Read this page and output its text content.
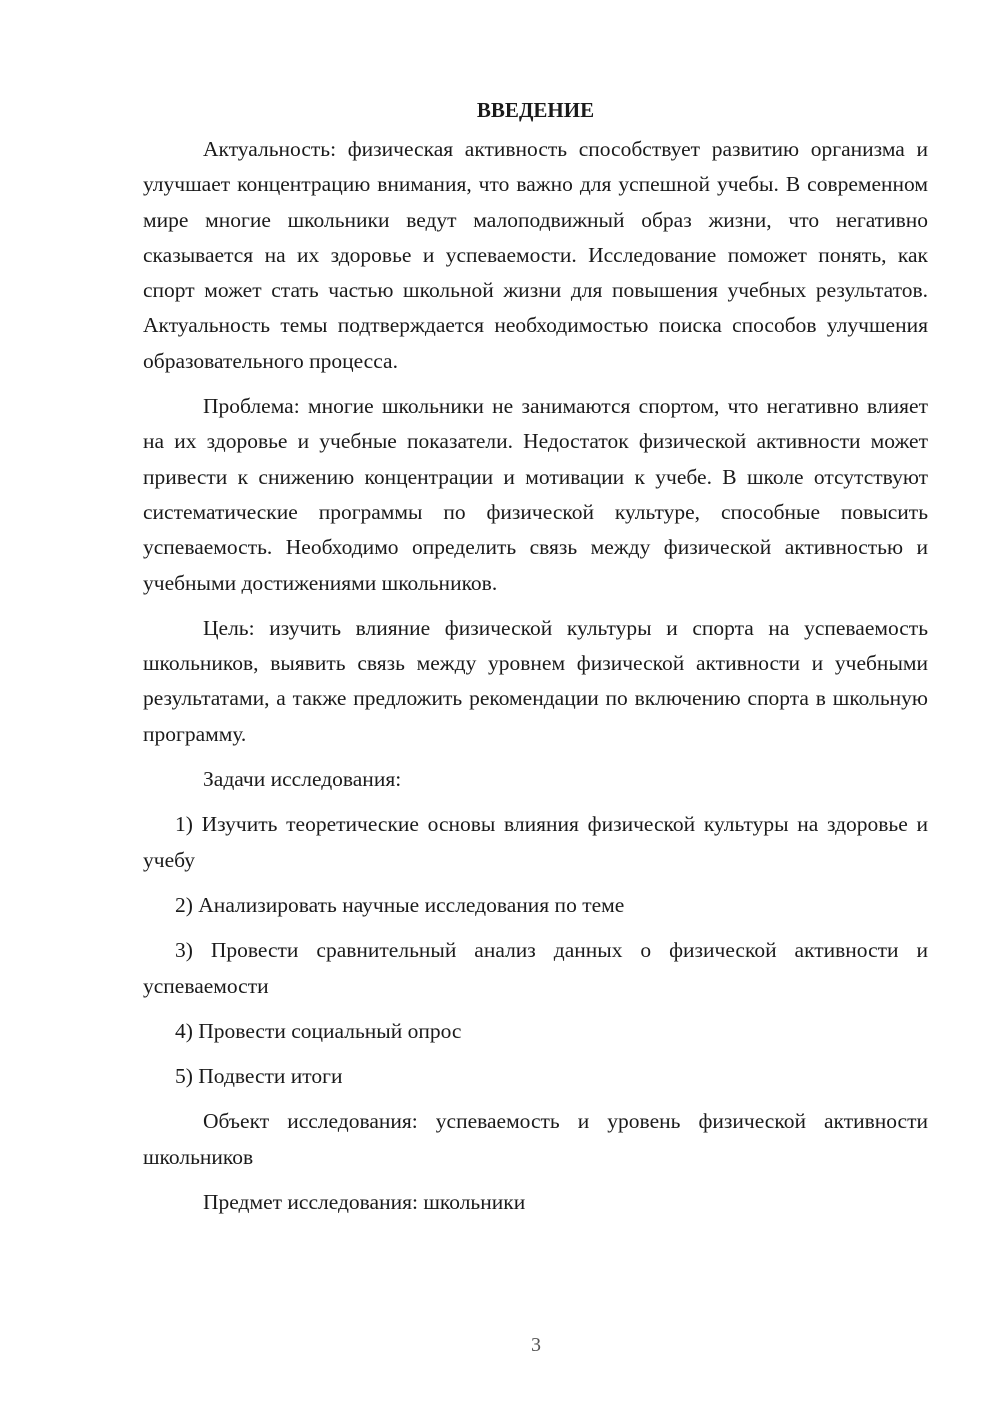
ВВЕДЕНИЕ

Актуальность: физическая активность способствует развитию организма и улучшает концентрацию внимания, что важно для успешной учебы. В современном мире многие школьники ведут малоподвижный образ жизни, что негативно сказывается на их здоровье и успеваемости. Исследование поможет понять, как спорт может стать частью школьной жизни для повышения учебных результатов. Актуальность темы подтверждается необходимостью поиска способов улучшения образовательного процесса.

Проблема: многие школьники не занимаются спортом, что негативно влияет на их здоровье и учебные показатели. Недостаток физической активности может привести к снижению концентрации и мотивации к учебе. В школе отсутствуют систематические программы по физической культуре, способные повысить успеваемость. Необходимо определить связь между физической активностью и учебными достижениями школьников.

Цель: изучить влияние физической культуры и спорта на успеваемость школьников, выявить связь между уровнем физической активности и учебными результатами, а также предложить рекомендации по включению спорта в школьную программу.

Задачи исследования:

1) Изучить теоретические основы влияния физической культуры на здоровье и учебу

2) Анализировать научные исследования по теме

3) Провести сравнительный анализ данных о физической активности и успеваемости

4) Провести социальный опрос

5) Подвести итоги

Объект исследования: успеваемость и уровень физической активности школьников

Предмет исследования: школьники

3
